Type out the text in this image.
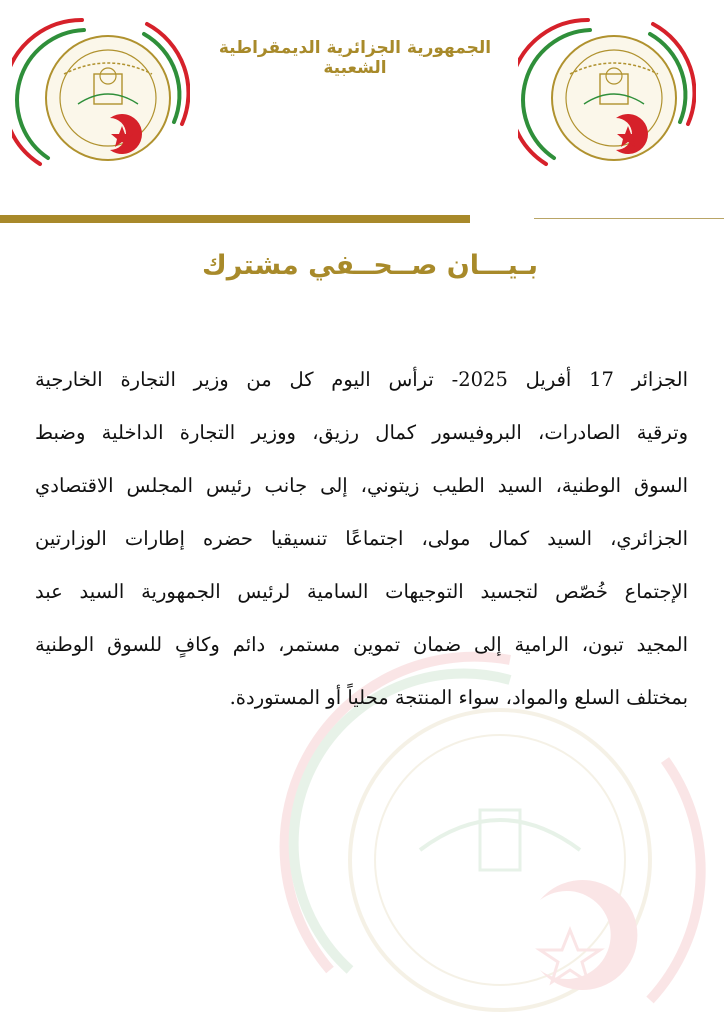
الجمهورية الجزائرية الديمقراطية الشعبية
بـيـــان صــحــفي مشترك
الجزائر 17 أفريل 2025- ترأس اليوم كل من وزير التجارة الخارجية
وترقية الصادرات، البروفيسور كمال رزيق، ووزير التجارة الداخلية وضبط
السوق الوطنية، السيد الطيب زيتوني، إلى جانب رئيس المجلس الاقتصادي
الجزائري، السيد كمال مولى، اجتماعًا تنسيقيا حضره إطارات الوزارتين
الإجتماع خُصّص لتجسيد التوجيهات السامية لرئيس الجمهورية السيد عبد
المجيد تبون، الرامية إلى ضمان تموين مستمر، دائم وكافٍ للسوق الوطنية
بمختلف السلع والمواد، سواء المنتجة محلياً أو المستوردة.
